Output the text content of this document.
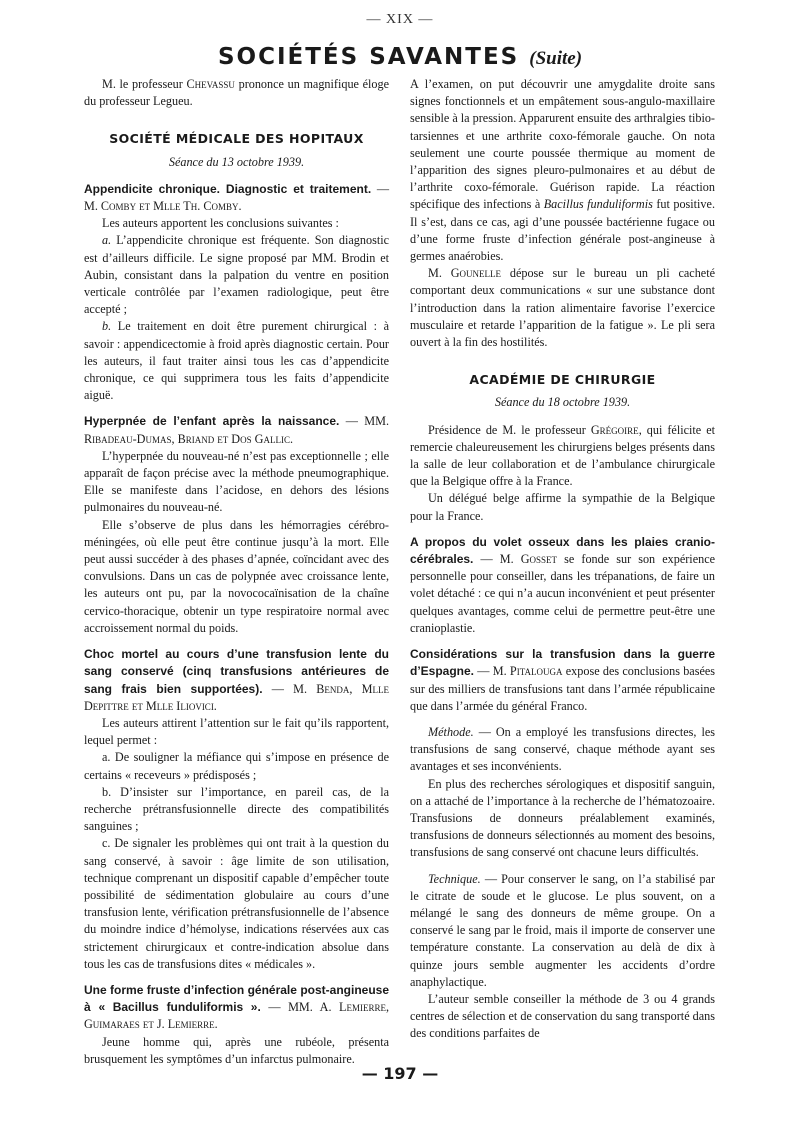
— XIX —
SOCIÉTÉS SAVANTES (Suite)

M. le professeur Chevassu prononce un magnifique éloge du professeur Legueu.

SOCIÉTÉ MÉDICALE DES HOPITAUX
Séance du 13 octobre 1939.

Appendicite chronique. Diagnostic et traitement. — M. Comby et Mlle Th. Comby.

Les auteurs apportent les conclusions suivantes :

a. L’appendicite chronique est fréquente. Son diagnostic est d’ailleurs difficile. Le signe proposé par MM. Brodin et Aubin, consistant dans la palpation du ventre en position verticale contrôlée par l’examen radiologique, peut être accepté ;

b. Le traitement en doit être purement chirurgical : à savoir : appendicectomie à froid après diagnostic certain. Pour les auteurs, il faut traiter ainsi tous les cas d’appendicite chronique, ce qui supprimera tous les faits d’appendicite aiguë.

Hyperpnée de l’enfant après la naissance. — MM. Ribadeau-Dumas, Briand et Dos Gallic.

L’hyperpnée du nouveau-né n’est pas exceptionnelle ; elle apparaît de façon précise avec la méthode pneumographique. Elle se manifeste dans l’acidose, en dehors des lésions pulmonaires du nouveau-né.

Elle s’observe de plus dans les hémorragies cérébro-méningées, où elle peut être continue jusqu’à la mort. Elle peut aussi succéder à des phases d’apnée, coïncidant avec des convulsions. Dans un cas de polypnée avec croissance lente, les auteurs ont pu, par la novococaïnisation de la chaîne cervico-thoracique, obtenir un type respiratoire normal avec accroissement normal du poids.

Choc mortel au cours d’une transfusion lente du sang conservé (cinq transfusions antérieures de sang frais bien supportées). — M. Benda, Mlle Depittre et Mlle Iliovici.

Les auteurs attirent l’attention sur le fait qu’ils rapportent, lequel permet :

a. De souligner la méfiance qui s’impose en présence de certains « receveurs » prédisposés ;

b. D’insister sur l’importance, en pareil cas, de la recherche prétransfusionnelle directe des compatibilités sanguines ;

c. De signaler les problèmes qui ont trait à la question du sang conservé, à savoir : âge limite de son utilisation, technique comprenant un dispositif capable d’empêcher toute possibilité de sédimentation globulaire au cours d’une transfusion lente, vérification prétransfusionnelle de l’absence du moindre indice d’hémolyse, indications réservées aux cas strictement chirurgicaux et contre-indication absolue dans tous les cas de transfusions dites « médicales ».

Une forme fruste d’infection générale post-angineuse à « Bacillus funduliformis ». — MM. A. Lemierre, Guimaraes et J. Lemierre.

Jeune homme qui, après une rubéole, présenta brusquement les symptômes d’un infarctus pulmonaire.

A l’examen, on put découvrir une amygdalite droite sans signes fonctionnels et un empâtement sous-angulo-maxillaire sensible à la pression. Apparurent ensuite des arthralgies tibio-tarsiennes et une arthrite coxo-fémorale gauche. On nota seulement une courte poussée thermique au moment de l’apparition des signes pleuro-pulmonaires et au début de l’arthrite coxo-fémorale. Guérison rapide. La réaction spécifique des infections à Bacillus funduliformis fut positive. Il s’est, dans ce cas, agi d’une poussée bactérienne fugace ou d’une forme fruste d’infection générale post-angineuse à germes anaérobies.

M. Gounelle dépose sur le bureau un pli cacheté comportant deux communications « sur une substance dont l’introduction dans la ration alimentaire favorise l’exercice musculaire et retarde l’apparition de la fatigue ». Le pli sera ouvert à la fin des hostilités.

ACADÉMIE DE CHIRURGIE
Séance du 18 octobre 1939.

Présidence de M. le professeur Grégoire, qui félicite et remercie chaleureusement les chirurgiens belges présents dans la salle de leur collaboration et de l’ambulance chirurgicale que la Belgique offre à la France.

Un délégué belge affirme la sympathie de la Belgique pour la France.

A propos du volet osseux dans les plaies cranio-cérébrales. — M. Gosset se fonde sur son expérience personnelle pour conseiller, dans les trépanations, de faire un volet détaché : ce qui n’a aucun inconvénient et peut présenter quelques avantages, comme celui de permettre peut-être une cranioplastie.

Considérations sur la transfusion dans la guerre d’Espagne. — M. Pitalouga expose des conclusions basées sur des milliers de transfusions tant dans l’armée républicaine que dans l’armée du général Franco.

Méthode. — On a employé les transfusions directes, les transfusions de sang conservé, chaque méthode ayant ses avantages et ses inconvénients.

En plus des recherches sérologiques et dispositif sanguin, on a attaché de l’importance à la recherche de l’hématozoaire. Transfusions de donneurs préalablement examinés, transfusions de donneurs sélectionnés au moment des besoins, transfusions de sang conservé ont chacune leurs difficultés.

Technique. — Pour conserver le sang, on l’a stabilisé par le citrate de soude et le glucose. Le plus souvent, on a mélangé le sang des donneurs de même groupe. On a conservé le sang par le froid, mais il importe de conserver une température constante. La conservation au delà de dix à quinze jours semble augmenter les accidents d’ordre anaphylactique.

L’auteur semble conseiller la méthode de 3 ou 4 grands centres de sélection et de conservation du sang transporté dans des conditions parfaites de

— 197 —
